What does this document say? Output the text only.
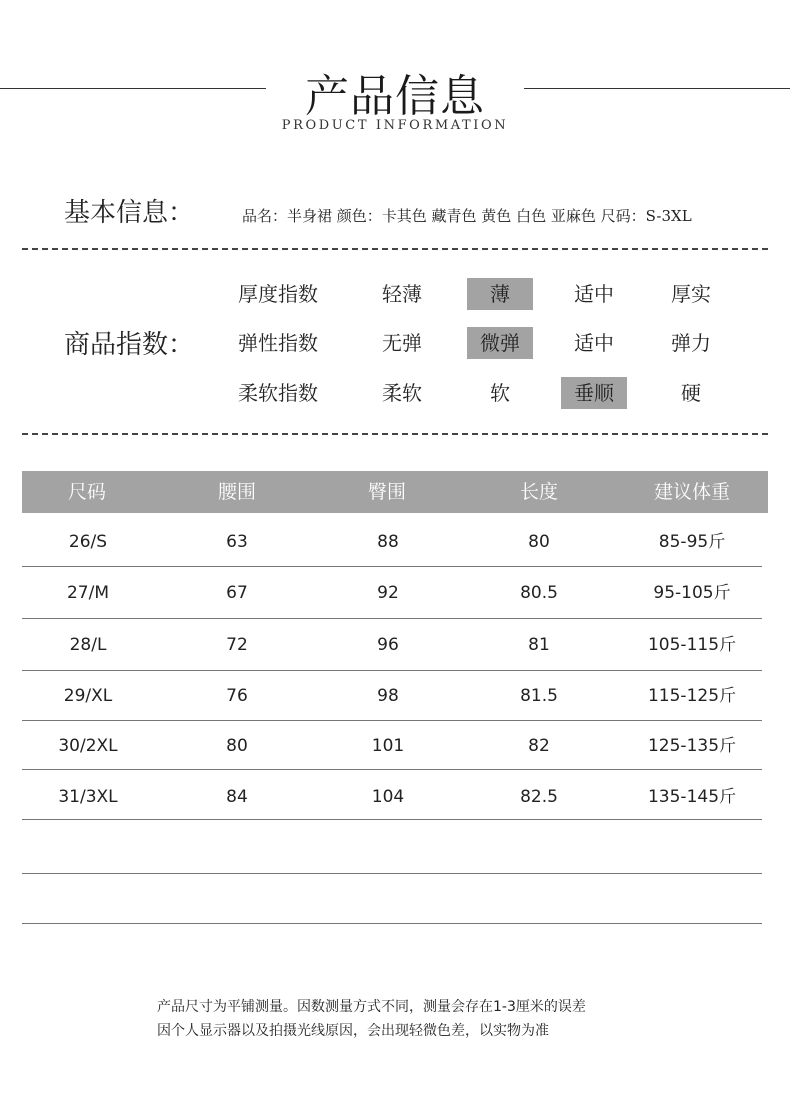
产品信息
PRODUCT INFORMATION
基本信息：	品名：半身裙 颜色：卡其色 藏青色 黄色 白色 亚麻色 尺码：S-3XL
商品指数：
厚度指数	轻薄	薄	适中	厚实
弹性指数	无弹	微弹	适中	弹力
柔软指数	柔软	软	垂顺	硬
尺码	腰围	臀围	长度	建议体重
26/S	63	88	80	85-95斤
27/M	67	92	80.5	95-105斤
28/L	72	96	81	105-115斤
29/XL	76	98	81.5	115-125斤
30/2XL	80	101	82	125-135斤
31/3XL	84	104	82.5	135-145斤
产品尺寸为平铺测量。因数测量方式不同，测量会存在1-3厘米的误差
因个人显示器以及拍摄光线原因，会出现轻微色差，以实物为准
